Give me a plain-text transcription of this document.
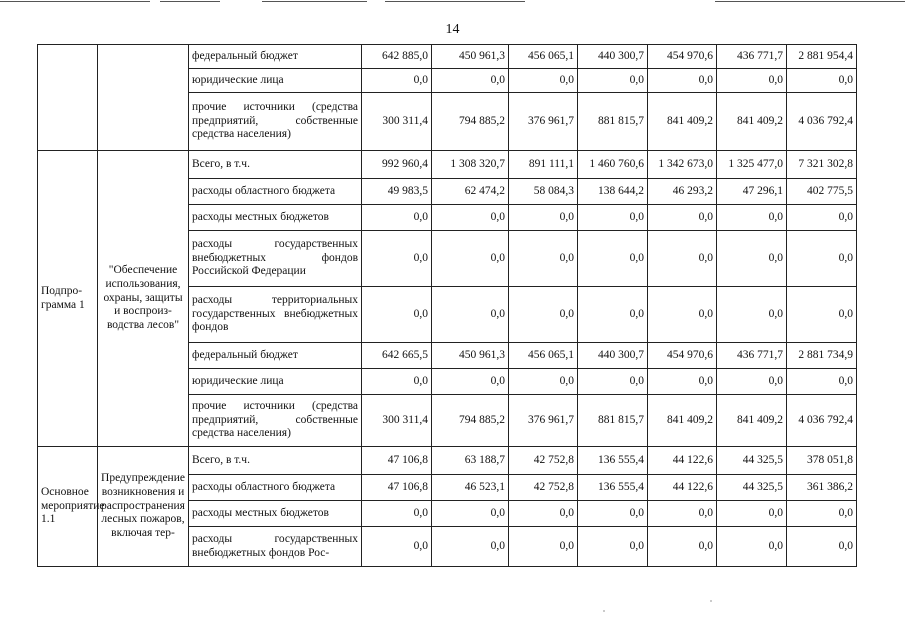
14
		федеральный бюджет	642 885,0	450 961,3	456 065,1	440 300,7	454 970,6	436 771,7	2 881 954,4
		юридические лица	0,0	0,0	0,0	0,0	0,0	0,0	0,0
		прочие источники (средства предприятий, собственные средства населения)	300 311,4	794 885,2	376 961,7	881 815,7	841 409,2	841 409,2	4 036 792,4
Подпро-грамма 1	"Обеспечение использования, охраны, защиты и воспроиз-водства лесов"	Всего, в т.ч.	992 960,4	1 308 320,7	891 111,1	1 460 760,6	1 342 673,0	1 325 477,0	7 321 302,8
		расходы областного бюджета	49 983,5	62 474,2	58 084,3	138 644,2	46 293,2	47 296,1	402 775,5
		расходы местных бюджетов	0,0	0,0	0,0	0,0	0,0	0,0	0,0
		расходы государственных внебюджетных фондов Российской Федерации	0,0	0,0	0,0	0,0	0,0	0,0	0,0
		расходы территориальных государственных внебюджетных фондов	0,0	0,0	0,0	0,0	0,0	0,0	0,0
		федеральный бюджет	642 665,5	450 961,3	456 065,1	440 300,7	454 970,6	436 771,7	2 881 734,9
		юридические лица	0,0	0,0	0,0	0,0	0,0	0,0	0,0
		прочие источники (средства предприятий, собственные средства населения)	300 311,4	794 885,2	376 961,7	881 815,7	841 409,2	841 409,2	4 036 792,4
Основное мероприятие 1.1	Предупреждение возникновения и распространения лесных пожаров, включая тер-	Всего, в т.ч.	47 106,8	63 188,7	42 752,8	136 555,4	44 122,6	44 325,5	378 051,8
		расходы областного бюджета	47 106,8	46 523,1	42 752,8	136 555,4	44 122,6	44 325,5	361 386,2
		расходы местных бюджетов	0,0	0,0	0,0	0,0	0,0	0,0	0,0
		расходы государственных внебюджетных фондов Рос-	0,0	0,0	0,0	0,0	0,0	0,0	0,0
